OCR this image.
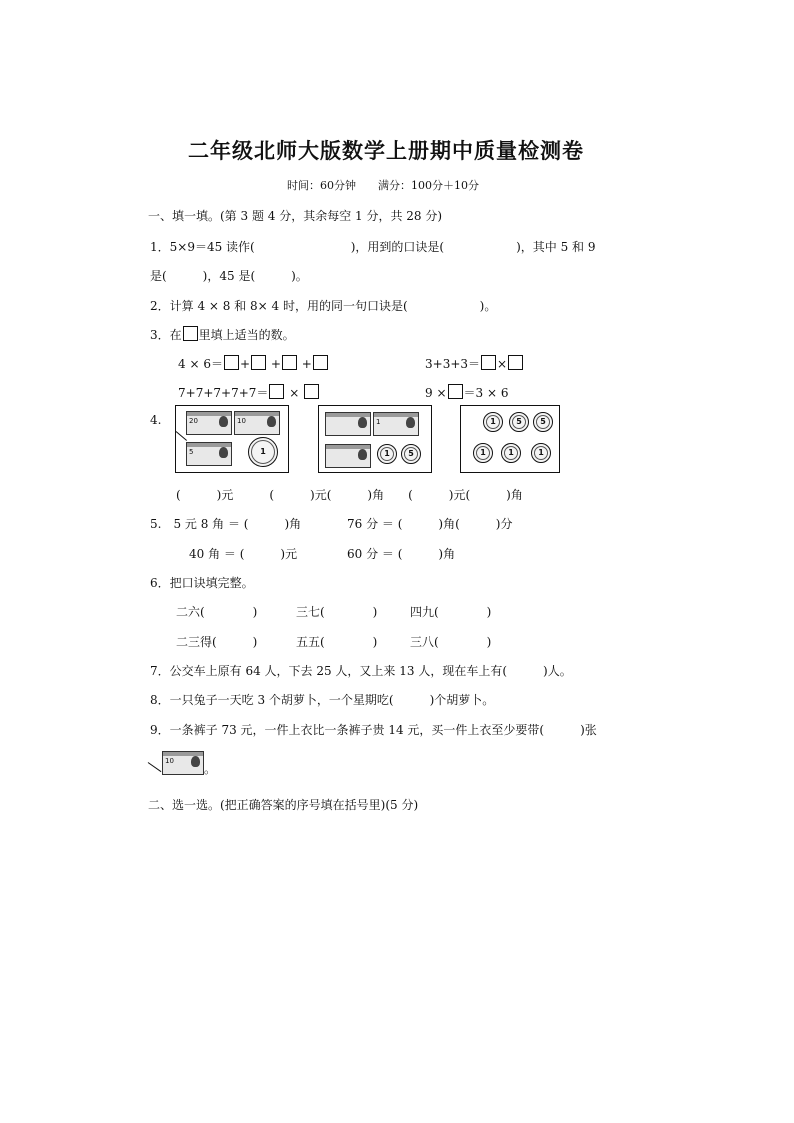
二年级北师大版数学上册期中质量检测卷
时间：60分钟　　满分：100分＋10分
一、填一填。(第 3 题 4 分，其余每空 1 分，共 28 分)
1．5×9＝45 读作(　　　　　　　　)，用到的口诀是(　　　　　　)，其中 5 和 9
是(　　　)，45 是(　　　)。
2．计算 4 × 8 和 8× 4 时，用的同一句口诀是(　　　　　　)。
3．在 里填上适当的数。
4 × 6＝ + + +	3+3+3＝ ×
7+7+7+7+7＝ ×	9 × ＝3 × 6
4.	20	10
5	1
1
1	5
1	5	5
1	1	1
(　　　)元　　　(　　　)元(　　　)角　　(　　　)元(　　　)角
5.　5 元 8 角 ＝ (　　　)角	76 分 ＝ (　　　)角(　　　)分
40 角 ＝ (　　　)元	60 分 ＝ (　　　)角
6．把口诀填完整。
二六(　　　　)	三七(　　　　)	四九(　　　　)
二三得(　　　)	五五(　　　　)	三八(　　　　)
7．公交车上原有 64 人，下去 25 人，又上来 13 人，现在车上有(　　　)人。
8．一只兔子一天吃 3 个胡萝卜，一个星期吃(　　　)个胡萝卜。
9．一条裤子 73 元，一件上衣比一条裤子贵 14 元，买一件上衣至少要带(　　　)张
10
。
二、选一选。(把正确答案的序号填在括号里)(5 分)
